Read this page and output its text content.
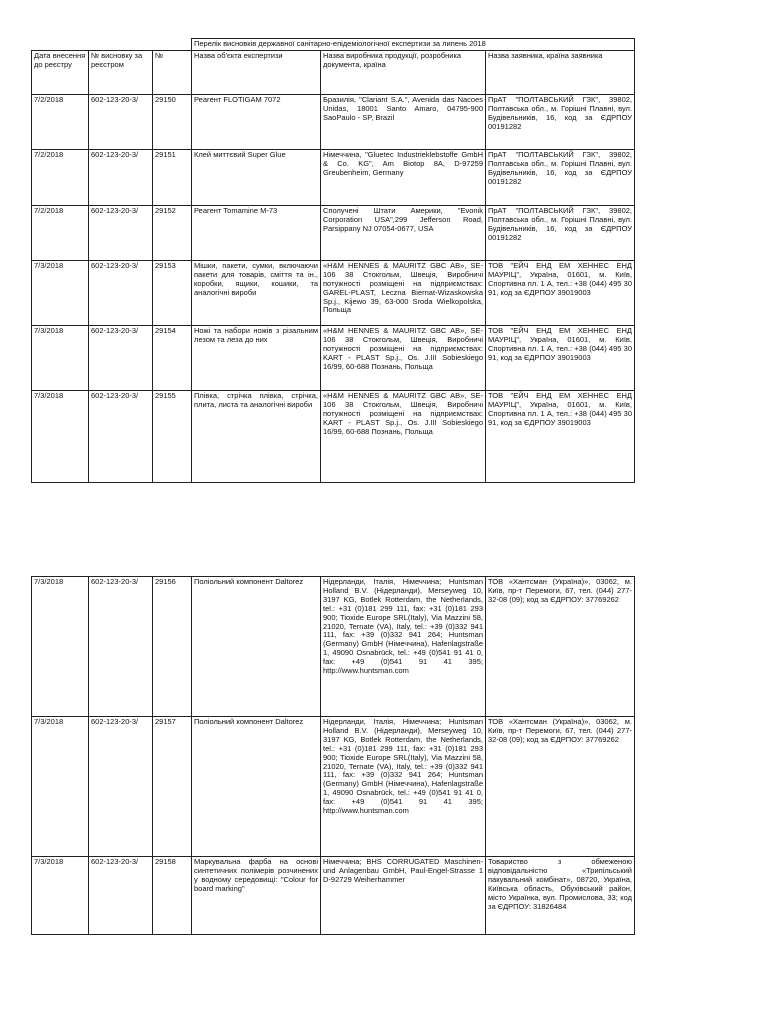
			Перелік висновків державної санітарно-епідеміологічної експертизи за липень 2018		
Дата внесення до реєстру	№ висновку за реєстром	№	Назва об'єкта експертизи	Назва виробника продукції, розробника документа, країна	Назва заявника, країна заявника
7/2/2018	602-123-20-3/	29150	Реагент FLOTIGAM 7072	Бразилія, "Clariant S.A.", Avenida das Nacoes Unidas, 18001 Santo Amaro, 04795-900 SaoPaulo - SP, Brazil	ПрАТ "ПОЛТАВСЬКИЙ ГЗК", 39802, Полтавська обл., м. Горішні Плавні, вул. Будівельників, 16, код за ЄДРПОУ 00191282
7/2/2018	602-123-20-3/	29151	Клей миттєвий Super Glue	Німеччина, "Gluetec Industrieklebstoffe GmbH & Co. KG", Am Biotop 8A, D-97259 Greubenheim, Germany	ПрАТ "ПОЛТАВСЬКИЙ ГЗК", 39802, Полтавська обл., м. Горішні Плавні, вул. Будівельників, 16, код за ЄДРПОУ 00191282
7/2/2018	602-123-20-3/	29152	Реагент Tomamine M-73	Сполучені Штати Америки, "Evonik Corporation USA",299 Jefferson Road, Parsippany NJ 07054-0677, USA	ПрАТ "ПОЛТАВСЬКИЙ ГЗК", 39802, Полтавська обл., м. Горішні Плавні, вул. Будівельників, 16, код за ЄДРПОУ 00191282
7/3/2018	602-123-20-3/	29153	Мішки, пакети, сумки, включаючи пакети для товарів, сміття та ін., коробки, ящики, кошики, та аналогічні вироби	«H&M HENNES & MAURITZ GBC AB», SE-106 38 Стокгольм, Швеція, Виробничі потужності розміщені на підприємствах: GAREL-PLAST, Leczna Biernat-Wizaskowska Sp.j., Kijewo 39, 63-000 Sroda Wielkopolska, Польща	ТОВ "ЕЙЧ ЕНД ЕМ ХЕННЕС ЕНД МАУРІЦ", Україна, 01601, м. Київ, Спортивна пл. 1 А, тел.: +38 (044) 495 30 91, код за ЄДРПОУ 39019003
7/3/2018	602-123-20-3/	29154	Ножі та набори ножів з різальним лезом та леза до них	«H&M HENNES & MAURITZ GBC AB», SE-106 38 Стокгольм, Швеція, Виробничі потужності розміщені на підприємствах: KART - PLAST Sp.j., Os. J.III Sobieskiego 16/99, 60-688 Познань, Польща	ТОВ "ЕЙЧ ЕНД ЕМ ХЕННЕС ЕНД МАУРІЦ", Україна, 01601, м. Київ, Спортивна пл. 1 А, тел.: +38 (044) 495 30 91, код за ЄДРПОУ 39019003
7/3/2018	602-123-20-3/	29155	Плівка, стрічка плівка, стрічка, плита, листа та аналогічні вироби	«H&M HENNES & MAURITZ GBC AB», SE-106 38 Стокгольм, Швеція, Виробничі потужності розміщені на підприємствах: KART - PLAST Sp.j., Os. J.III Sobieskiego 16/99, 60-688 Познань, Польща	ТОВ "ЕЙЧ ЕНД ЕМ ХЕННЕС ЕНД МАУРІЦ", Україна, 01601, м. Київ, Спортивна пл. 1 А, тел.: +38 (044) 495 30 91, код за ЄДРПОУ 39019003
7/3/2018	602-123-20-3/	29156	Поліольний компонент Daltorez	Нідерланди, Італія, Німеччина; Huntsman Holland B.V. (Нідерланди), Merseyweg 10, 3197 KG, Botlek Rotterdam, the Netherlands, tel.: +31 (0)181 299 111, fax: +31 (0)181 293 900; Tioxide Europe SRL(Italy), Via Mazzini 58, 21020, Ternate (VA), Italy, tel.: +39 (0)332 941 111, fax: +39 (0)332 941 264; Huntsman (Germany) GmbH (Німеччина), Hafenlagstraße 1, 49090 Osnabrück, tel.: +49 (0)541 91 41 0, fax: +49 (0)541 91 41 395; http://www.huntsman.com	ТОВ «Хантсман (Україна)», 03062, м. Київ, пр-т Перемоги, 67, тел. (044) 277-32-08 (09); код за ЄДРПОУ: 37769262
7/3/2018	602-123-20-3/	29157	Поліольний компонент Daltorez	Нідерланди, Італія, Німеччина; Huntsman Holland B.V. (Нідерланди), Merseyweg 10, 3197 KG, Botlek Rotterdam, the Netherlands, tel.: +31 (0)181 299 111, fax: +31 (0)181 293 900; Tioxide Europe SRL(Italy), Via Mazzini 58, 21020, Ternate (VA), Italy, tel.: +39 (0)332 941 111, fax: +39 (0)332 941 264; Huntsman (Germany) GmbH (Німеччина), Hafenlagstraße 1, 49090 Osnabrück, tel.: +49 (0)541 91 41 0, fax: +49 (0)541 91 41 395; http://www.huntsman.com	ТОВ «Хантсман (Україна)», 03062, м. Київ, пр-т Перемоги, 67, тел. (044) 277-32-08 (09); код за ЄДРПОУ: 37769262
7/3/2018	602-123-20-3/	29158	Маркувальна фарба на основі синтетичних полімерів розчинених у водному середовищі: "Colour for board marking"	Німеччина; BHS CORRUGATED Maschinen-und Anlagenbau GmbH, Paul-Engel-Strasse 1 D-92729 Weiherhammer	Товариство з обмеженою відповідальністю «Трипільський пакувальний комбінат», 08720, Україна, Київська область, Обухівський район, місто Українка, вул. Промислова, 33; код за ЄДРПОУ: 31826484
